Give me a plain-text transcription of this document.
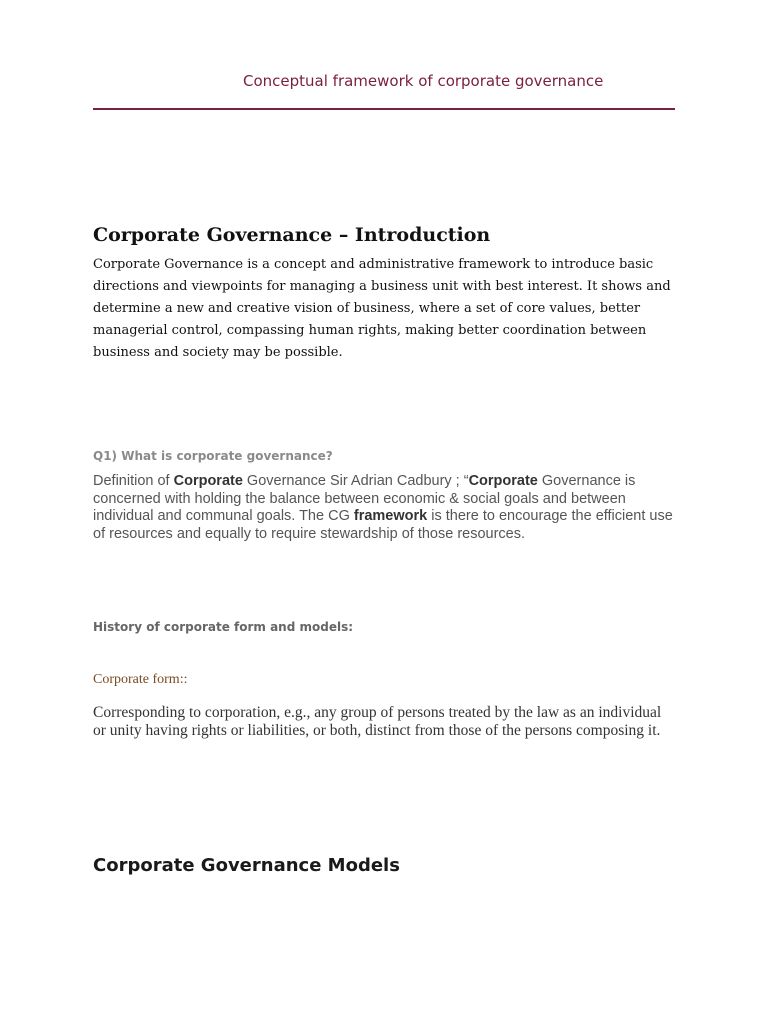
Conceptual framework of corporate governance
Corporate Governance – Introduction
Corporate Governance is a concept and administrative framework to introduce basic directions and viewpoints for managing a business unit with best interest. It shows and determine a new and creative vision of business, where a set of core values, better managerial control, compassing human rights, making better coordination between business and society may be possible.
Q1) What is corporate governance?
Definition of Corporate Governance Sir Adrian Cadbury ; “Corporate Governance is concerned with holding the balance between economic & social goals and between individual and communal goals. The CG framework is there to encourage the efficient use of resources and equally to require stewardship of those resources.
History of corporate form and models:
Corporate form::
Corresponding to corporation, e.g., any group of persons treated by the law as an individual or unity having rights or liabilities, or both, distinct from those of the persons composing it.
Corporate Governance Models
